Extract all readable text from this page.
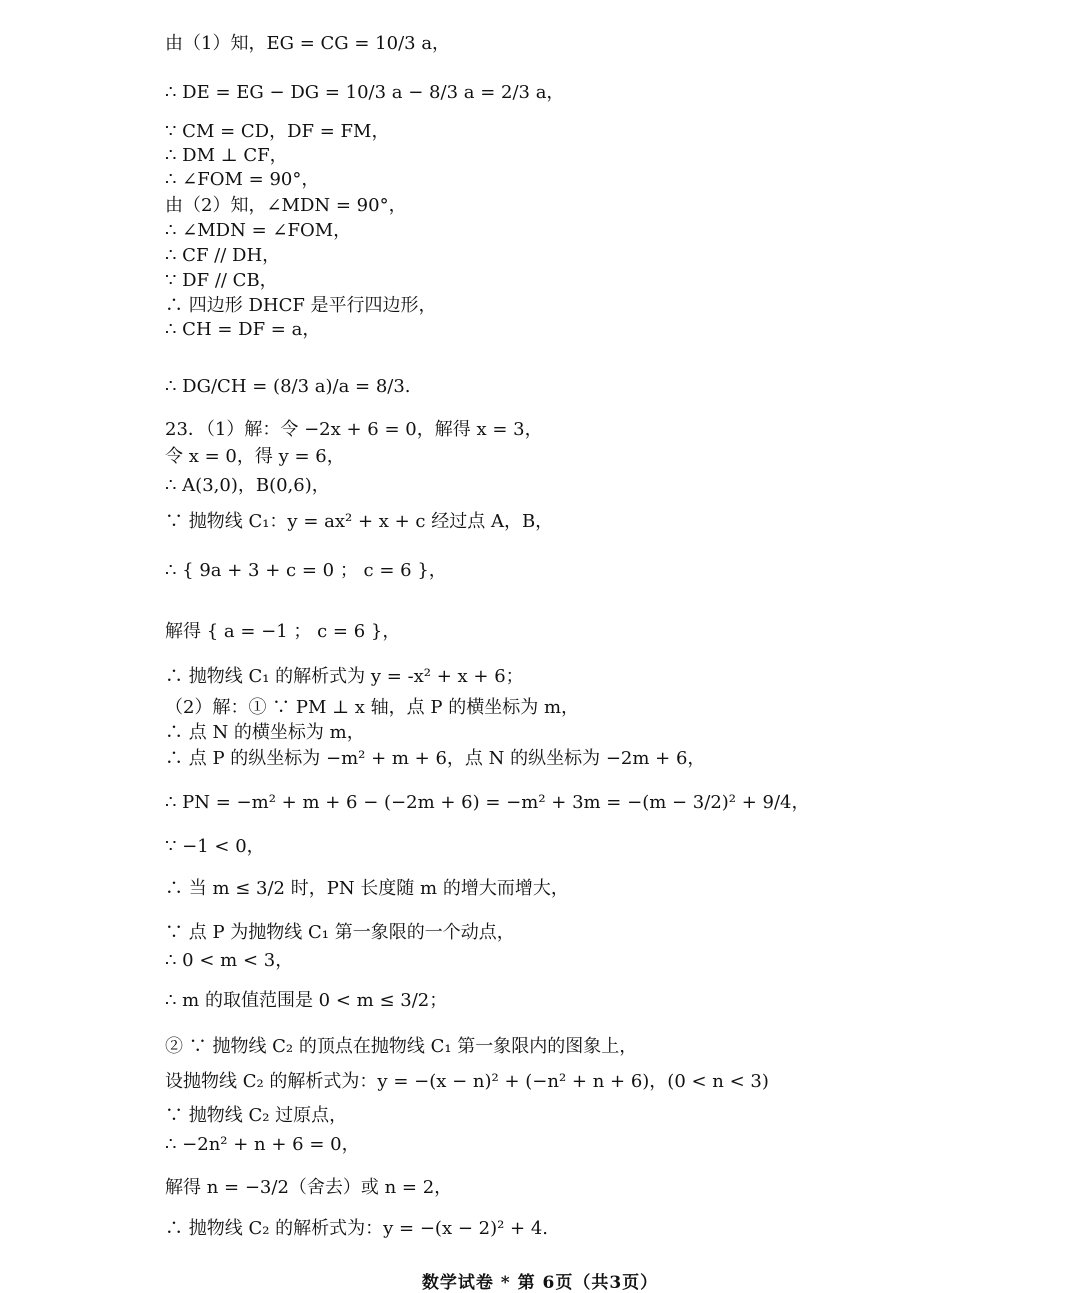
由（1）知，EG = CG = 10/3 a，
∴ DE = EG − DG = 10/3 a − 8/3 a = 2/3 a，
∵ CM = CD，DF = FM，
∴ DM ⊥ CF，
∴ ∠FOM = 90°，
由（2）知，∠MDN = 90°，
∴ ∠MDN = ∠FOM，
∴ CF // DH，
∵ DF // CB，
∴ 四边形 DHCF 是平行四边形，
∴ CH = DF = a，
∴ DG/CH = (8/3 a)/a = 8/3.
23．（1）解：令 −2x + 6 = 0，解得 x = 3，
令 x = 0，得 y = 6，
∴ A(3,0)，B(0,6)，
∵ 抛物线 C₁：y = ax² + x + c 经过点 A，B，
∴ { 9a + 3 + c = 0 ； c = 6 }，
解得 { a = −1 ； c = 6 }，
∴ 抛物线 C₁ 的解析式为 y = -x² + x + 6；
（2）解：① ∵ PM ⊥ x 轴，点 P 的横坐标为 m，
∴ 点 N 的横坐标为 m，
∴ 点 P 的纵坐标为 −m² + m + 6，点 N 的纵坐标为 −2m + 6，
∴ PN = −m² + m + 6 − (−2m + 6) = −m² + 3m = −(m − 3/2)² + 9/4，
∵ −1 < 0，
∴ 当 m ≤ 3/2 时，PN 长度随 m 的增大而增大，
∵ 点 P 为抛物线 C₁ 第一象限的一个动点，
∴ 0 < m < 3，
∴ m 的取值范围是 0 < m ≤ 3/2；
② ∵ 抛物线 C₂ 的顶点在抛物线 C₁ 第一象限内的图象上，
设抛物线 C₂ 的解析式为：y = −(x − n)² + (−n² + n + 6)，(0 < n < 3)
∵ 抛物线 C₂ 过原点，
∴ −2n² + n + 6 = 0，
解得 n = −3/2（舍去）或 n = 2，
∴ 抛物线 C₂ 的解析式为：y = −(x − 2)² + 4.
数学试卷 * 第 6页（共3页）
